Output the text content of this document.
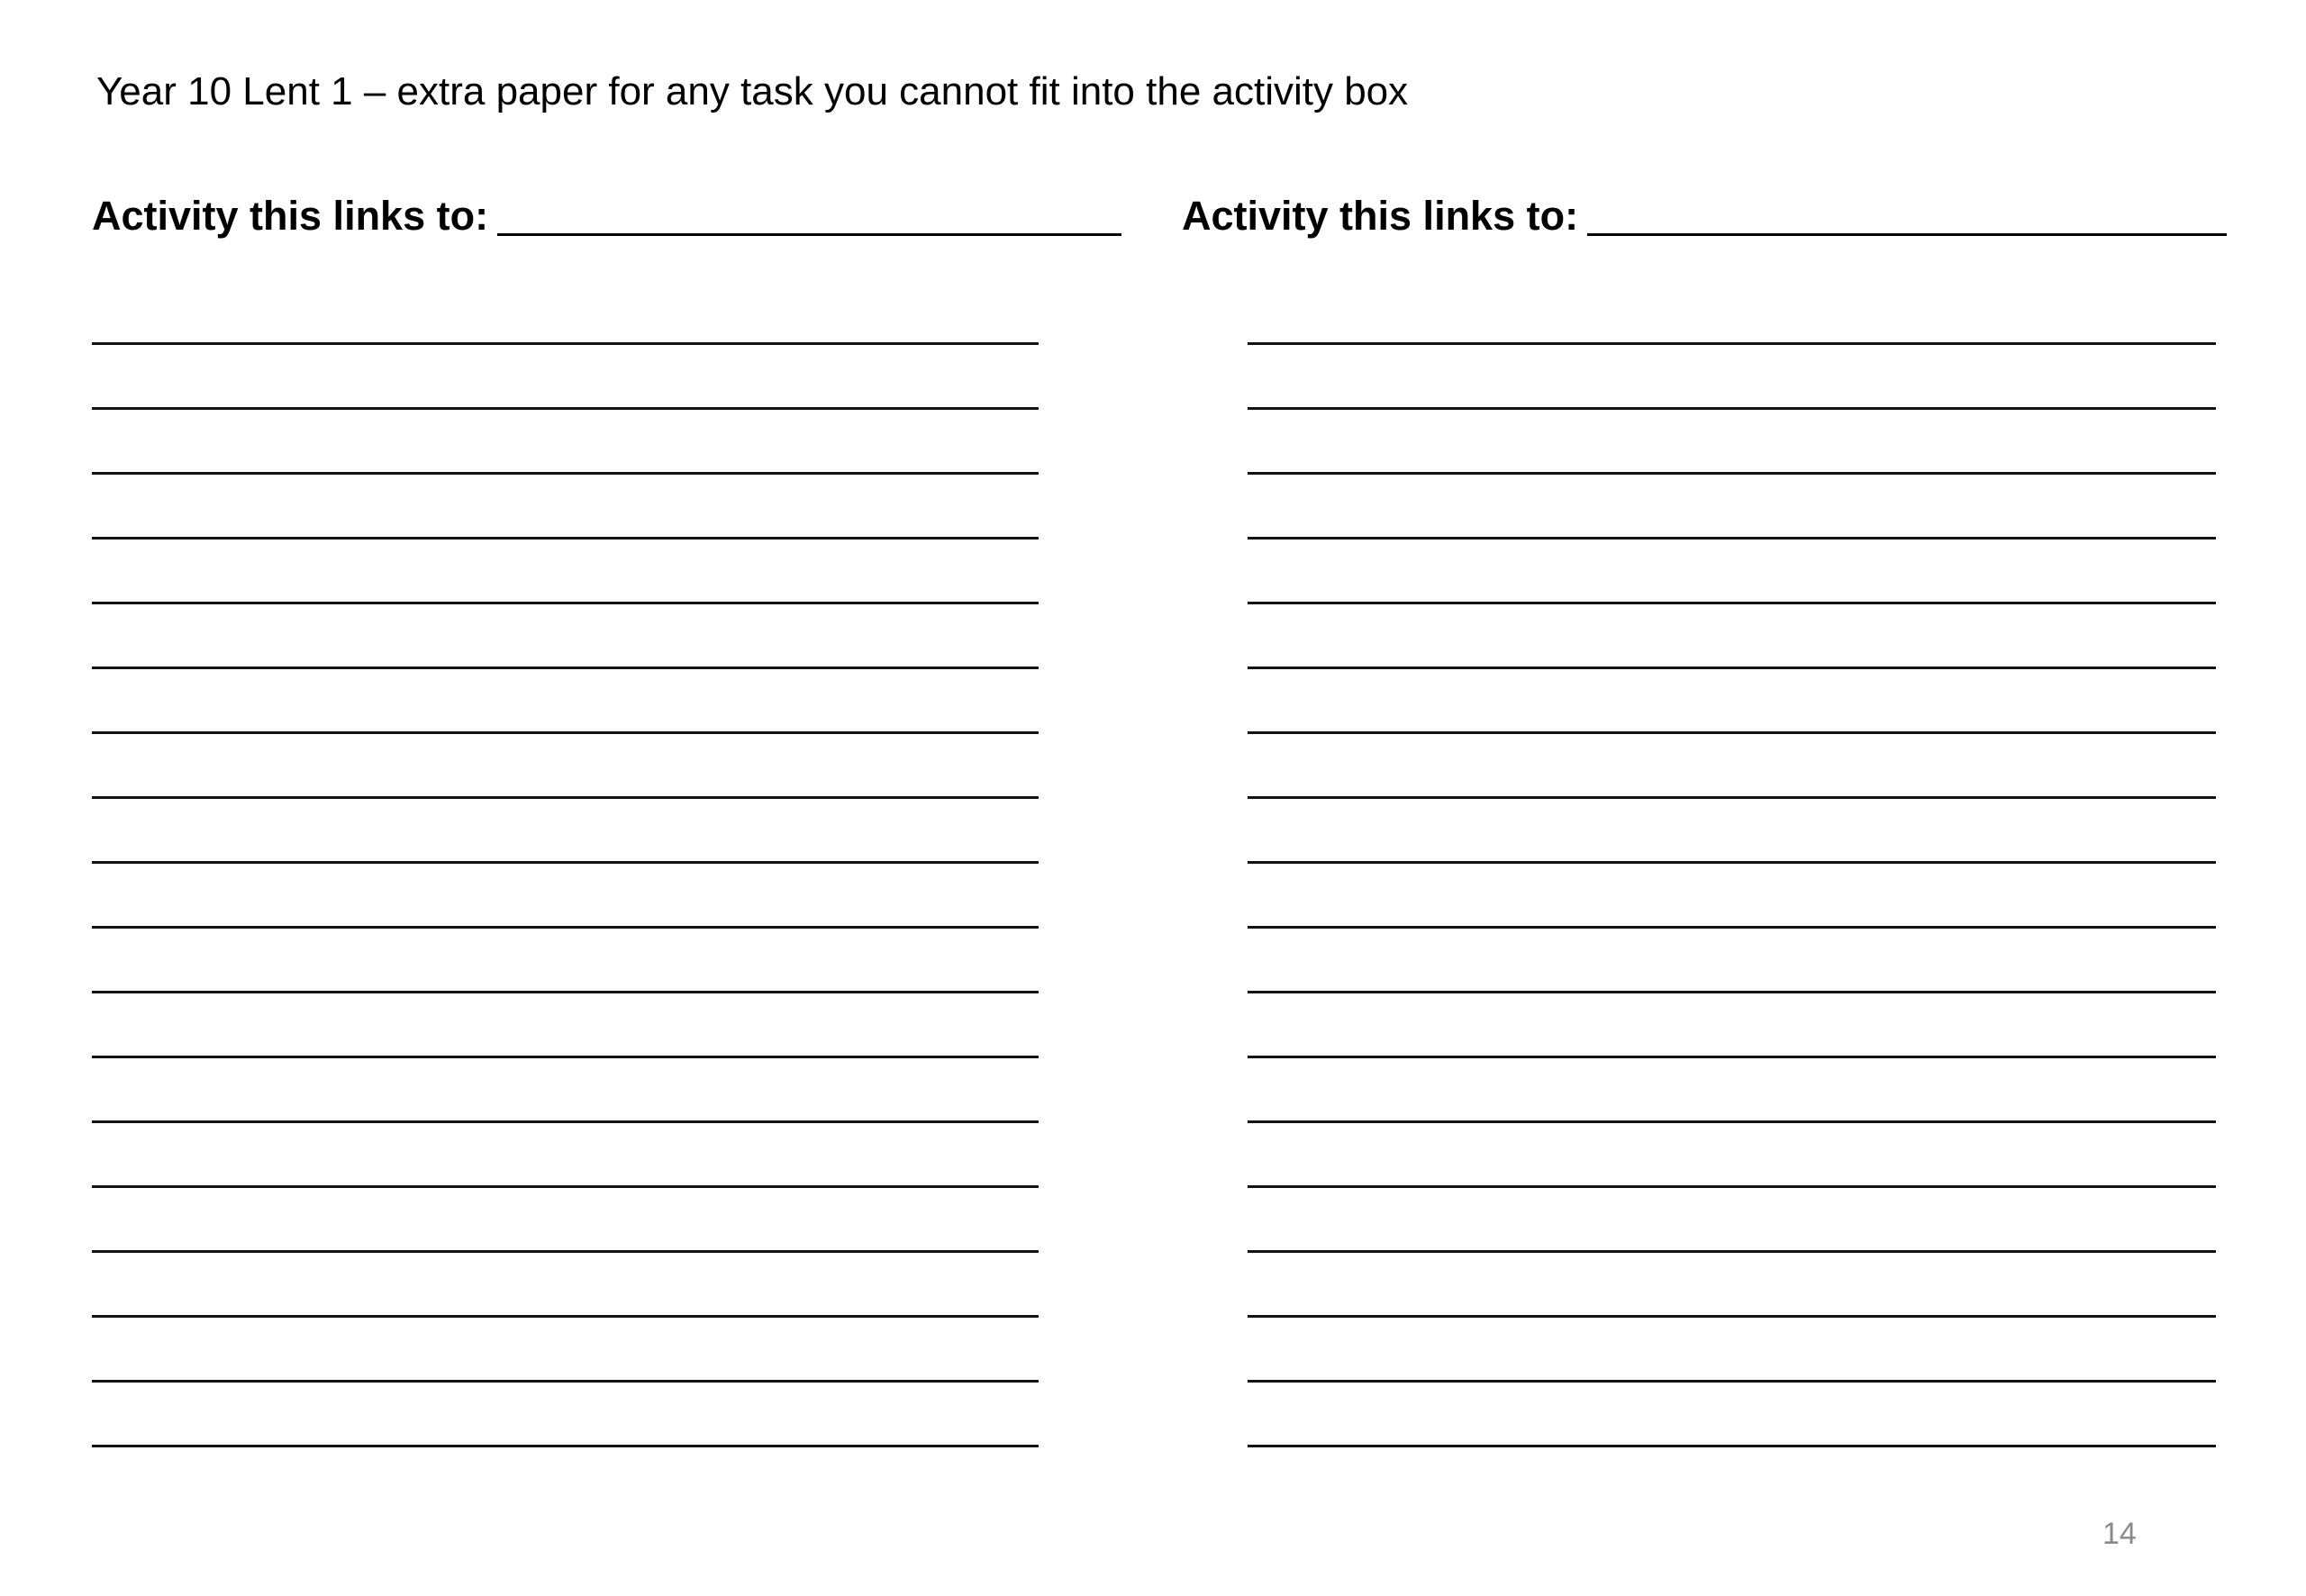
Year 10 Lent 1 – extra paper for any task you cannot fit into the activity box
Activity this links to:	Activity this links to:
14
